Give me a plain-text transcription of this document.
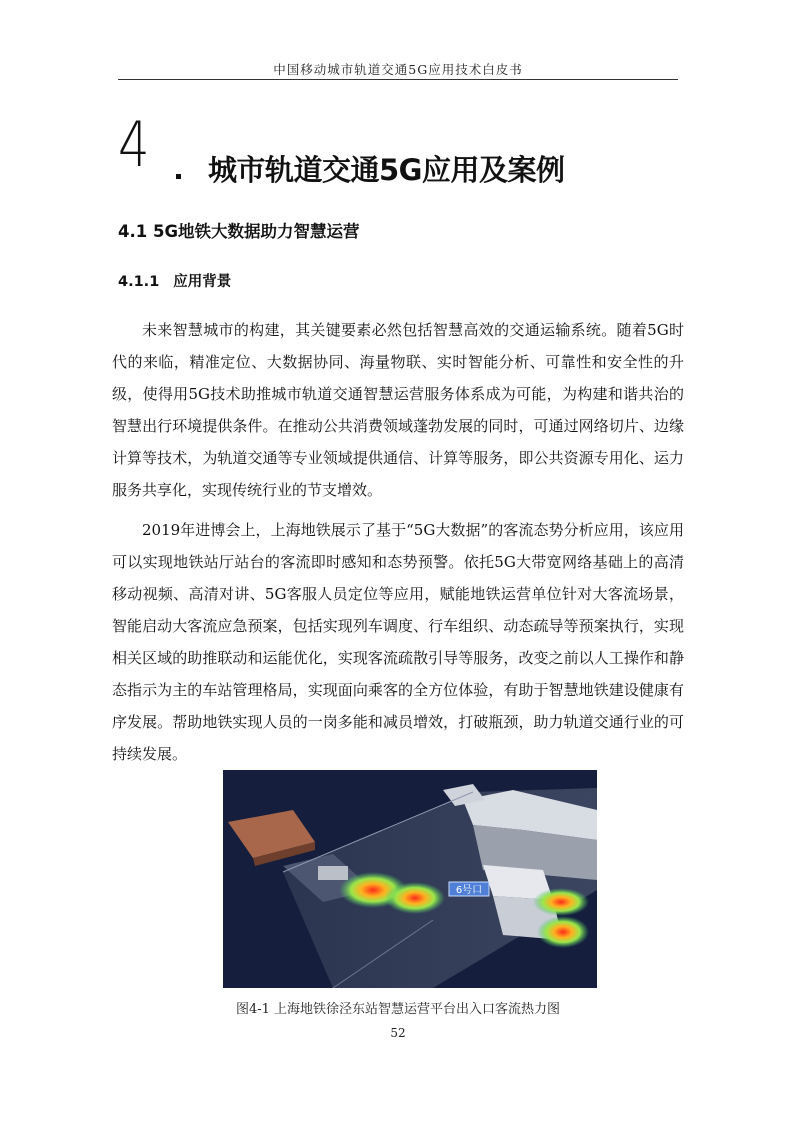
中国移动城市轨道交通5G应用技术白皮书
4 城市轨道交通5G应用及案例
4.1 5G地铁大数据助力智慧运营
4.1.1 应用背景
未来智慧城市的构建，其关键要素必然包括智慧高效的交通运输系统。随着5G时代的来临，精准定位、大数据协同、海量物联、实时智能分析、可靠性和安全性的升级，使得用5G技术助推城市轨道交通智慧运营服务体系成为可能，为构建和谐共治的智慧出行环境提供条件。在推动公共消费领域蓬勃发展的同时，可通过网络切片、边缘计算等技术，为轨道交通等专业领域提供通信、计算等服务，即公共资源专用化、运力服务共享化，实现传统行业的节支增效。
2019年进博会上，上海地铁展示了基于“5G大数据”的客流态势分析应用，该应用可以实现地铁站厅站台的客流即时感知和态势预警。依托5G大带宽网络基础上的高清移动视频、高清对讲、5G客服人员定位等应用，赋能地铁运营单位针对大客流场景，智能启动大客流应急预案，包括实现列车调度、行车组织、动态疏导等预案执行，实现相关区域的助推联动和运能优化，实现客流疏散引导等服务，改变之前以人工操作和静态指示为主的车站管理格局，实现面向乘客的全方位体验，有助于智慧地铁建设健康有序发展。帮助地铁实现人员的一岗多能和减员增效，打破瓶颈，助力轨道交通行业的可持续发展。
6号口
图4-1 上海地铁徐泾东站智慧运营平台出入口客流热力图
52
